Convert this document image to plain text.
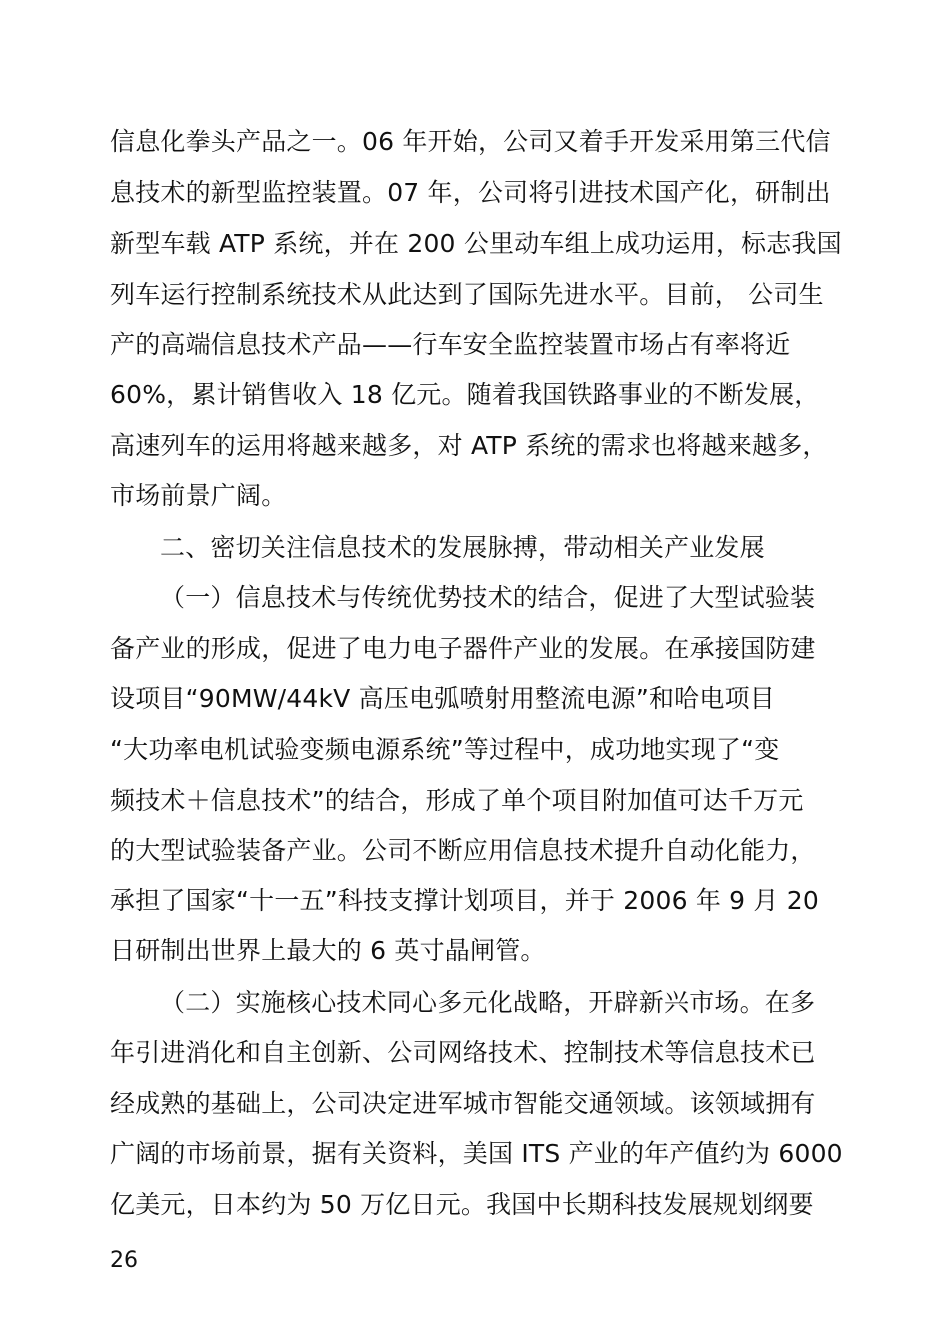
信息化拳头产品之一。06 年开始，公司又着手开发采用第三代信
息技术的新型监控装置。07 年，公司将引进技术国产化，研制出
新型车载 ATP 系统，并在 200 公里动车组上成功运用，标志我国
列车运行控制系统技术从此达到了国际先进水平。目前， 公司生
产的高端信息技术产品——行车安全监控装置市场占有率将近
60%，累计销售收入 18 亿元。随着我国铁路事业的不断发展，
高速列车的运用将越来越多，对 ATP 系统的需求也将越来越多，
市场前景广阔。
二、密切关注信息技术的发展脉搏，带动相关产业发展
（一）信息技术与传统优势技术的结合，促进了大型试验装
备产业的形成，促进了电力电子器件产业的发展。在承接国防建
设项目“90MW/44kV 高压电弧喷射用整流电源”和哈电项目
“大功率电机试验变频电源系统”等过程中，成功地实现了“变
频技术＋信息技术”的结合，形成了单个项目附加值可达千万元
的大型试验装备产业。公司不断应用信息技术提升自动化能力，
承担了国家“十一五”科技支撑计划项目，并于 2006 年 9 月 20
日研制出世界上最大的 6 英寸晶闸管。
（二）实施核心技术同心多元化战略，开辟新兴市场。在多
年引进消化和自主创新、公司网络技术、控制技术等信息技术已
经成熟的基础上，公司决定进军城市智能交通领域。该领域拥有
广阔的市场前景，据有关资料，美国 ITS 产业的年产值约为 6000
亿美元，日本约为 50 万亿日元。我国中长期科技发展规划纲要
26
